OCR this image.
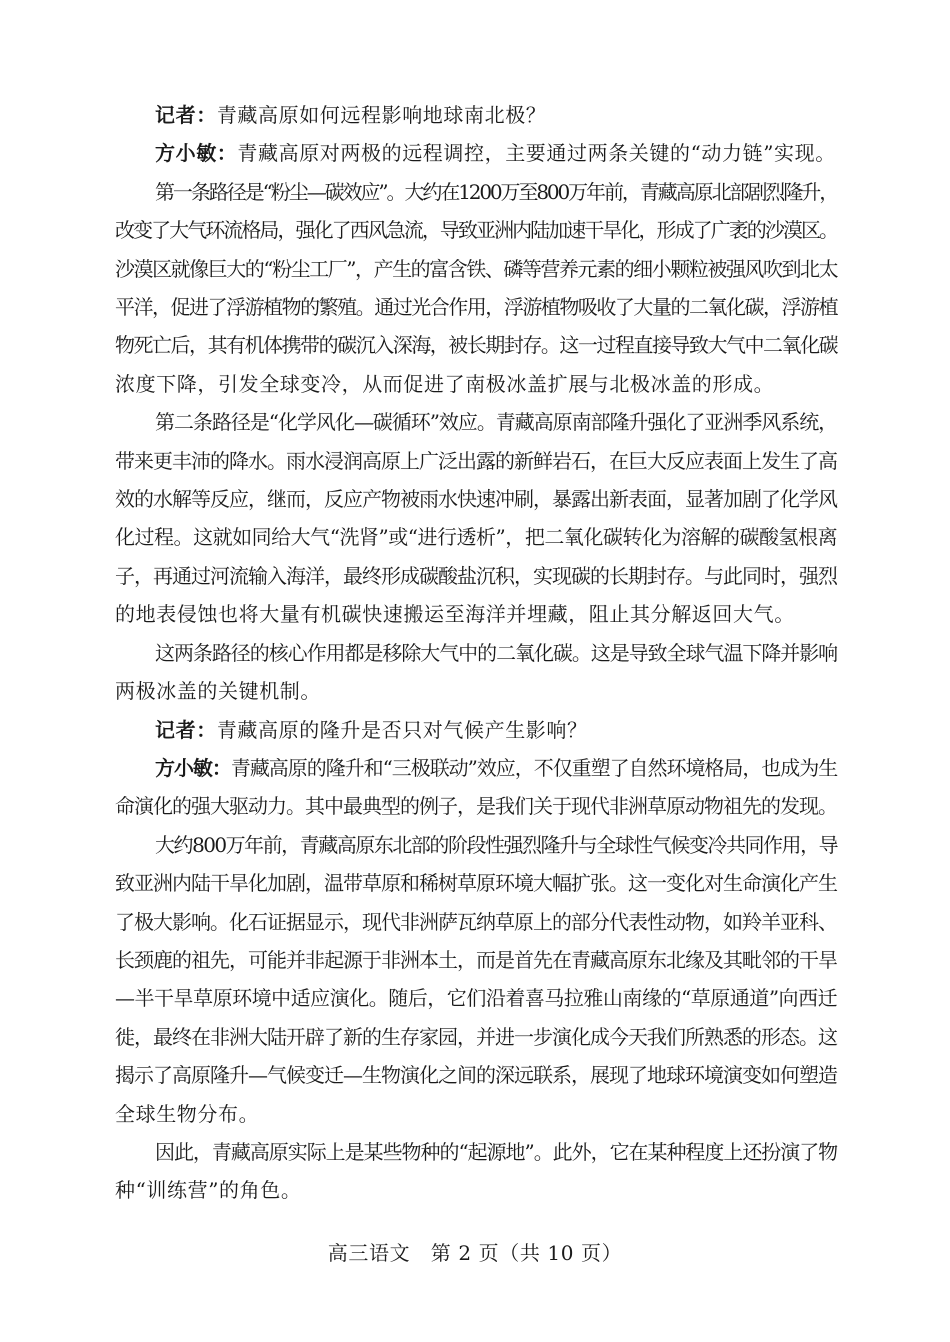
记者：青藏高原如何远程影响地球南北极？
方小敏：青藏高原对两极的远程调控，主要通过两条关键的“动力链”实现。
第一条路径是“粉尘—碳效应”。大约在1200万至800万年前，青藏高原北部剧烈隆升，
改变了大气环流格局，强化了西风急流，导致亚洲内陆加速干旱化，形成了广袤的沙漠区。
沙漠区就像巨大的“粉尘工厂”，产生的富含铁、磷等营养元素的细小颗粒被强风吹到北太
平洋，促进了浮游植物的繁殖。通过光合作用，浮游植物吸收了大量的二氧化碳，浮游植
物死亡后，其有机体携带的碳沉入深海，被长期封存。这一过程直接导致大气中二氧化碳
浓度下降，引发全球变冷，从而促进了南极冰盖扩展与北极冰盖的形成。
第二条路径是“化学风化—碳循环”效应。青藏高原南部隆升强化了亚洲季风系统，
带来更丰沛的降水。雨水浸润高原上广泛出露的新鲜岩石，在巨大反应表面上发生了高
效的水解等反应，继而，反应产物被雨水快速冲刷，暴露出新表面，显著加剧了化学风
化过程。这就如同给大气“洗肾”或“进行透析”，把二氧化碳转化为溶解的碳酸氢根离
子，再通过河流输入海洋，最终形成碳酸盐沉积，实现碳的长期封存。与此同时，强烈
的地表侵蚀也将大量有机碳快速搬运至海洋并埋藏，阻止其分解返回大气。
这两条路径的核心作用都是移除大气中的二氧化碳。这是导致全球气温下降并影响
两极冰盖的关键机制。
记者：青藏高原的隆升是否只对气候产生影响？
方小敏：青藏高原的隆升和“三极联动”效应，不仅重塑了自然环境格局，也成为生
命演化的强大驱动力。其中最典型的例子，是我们关于现代非洲草原动物祖先的发现。
大约800万年前，青藏高原东北部的阶段性强烈隆升与全球性气候变冷共同作用，导
致亚洲内陆干旱化加剧，温带草原和稀树草原环境大幅扩张。这一变化对生命演化产生
了极大影响。化石证据显示，现代非洲萨瓦纳草原上的部分代表性动物，如羚羊亚科、
长颈鹿的祖先，可能并非起源于非洲本土，而是首先在青藏高原东北缘及其毗邻的干旱
—半干旱草原环境中适应演化。随后，它们沿着喜马拉雅山南缘的“草原通道”向西迁
徙，最终在非洲大陆开辟了新的生存家园，并进一步演化成今天我们所熟悉的形态。这
揭示了高原隆升—气候变迁—生物演化之间的深远联系，展现了地球环境演变如何塑造
全球生物分布。
因此，青藏高原实际上是某些物种的“起源地”。此外，它在某种程度上还扮演了物
种“训练营”的角色。
高三语文　第 2 页（共 10 页）
